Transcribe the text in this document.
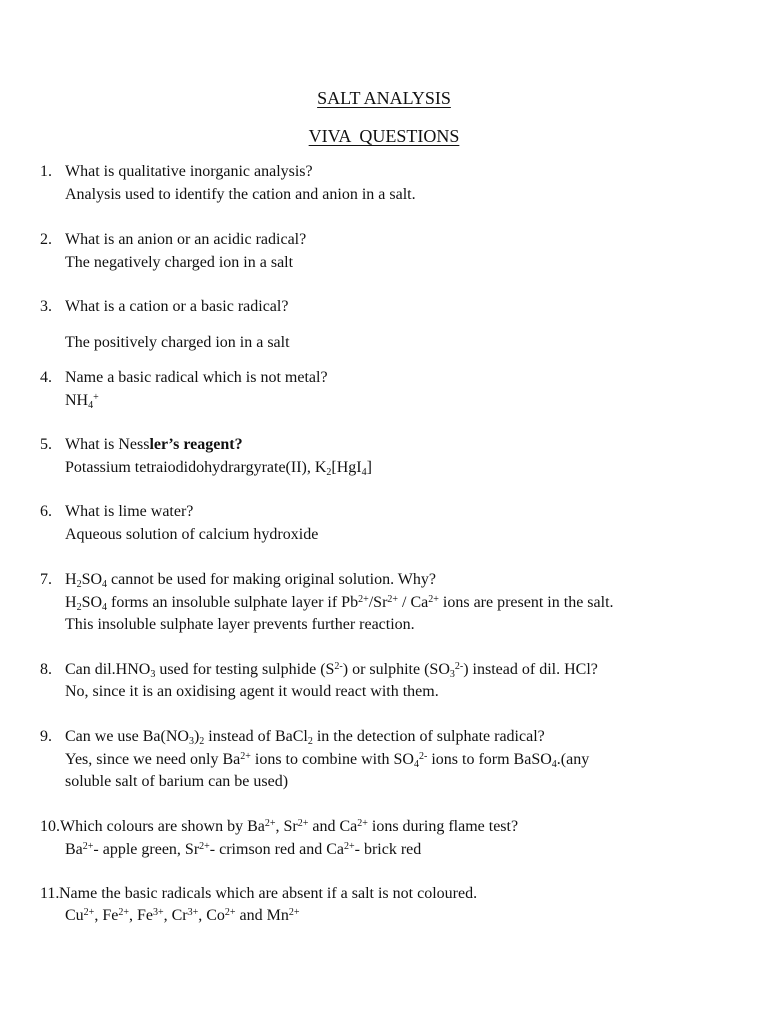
SALT ANALYSIS
VIVA  QUESTIONS
1. What is qualitative inorganic analysis?
Analysis used to identify the cation and anion in a salt.
2. What is an anion or an acidic radical?
The negatively charged ion in a salt
3. What is a cation or a basic radical?
The positively charged ion in a salt
4. Name a basic radical which is not metal?
$NH_4^+$
5. What is Nessler’s reagent?
Potassium tetraiodidohydrargyrate(II), $K_2[HgI_4]$
6. What is lime water?
Aqueous solution of calcium hydroxide
7. $H_2SO_4$ cannot be used for making original solution. Why?
$H_2SO_4$ forms an insoluble sulphate layer if $Pb^{2+}/Sr^{2+} / Ca^{2+}$ ions are present in the salt.
This insoluble sulphate layer prevents further reaction.
8. Can $dil.HNO_3$ used for testing sulphide $(S^{2-})$ or sulphite $(SO_3^{2-})$ instead of dil. HCl?
No, since it is an oxidising agent it would react with them.
9. Can we use $Ba(NO_3)_2$ instead of BaCl$_2$ in the detection of sulphate radical?
Yes, since we need only $Ba^{2+}$ ions to combine with $SO_4^{2-}$ ions to form BaSO$_4$.(any
soluble salt of barium can be used)
10. Which colours are shown by $Ba^{2+}$, $Sr^{2+}$ and $Ca^{2+}$ ions during flame test?
$Ba^{2+}-$ apple green, $Sr^{2+}-$ crimson red and $Ca^{2+}-$ brick red
11. Name the basic radicals which are absent if a salt is not coloured.
$Cu^{2+}$, $Fe^{2+}$, $Fe^{3+}$, $Cr^{3+}$, $Co^{2+}$ and $Mn^{2+}$
